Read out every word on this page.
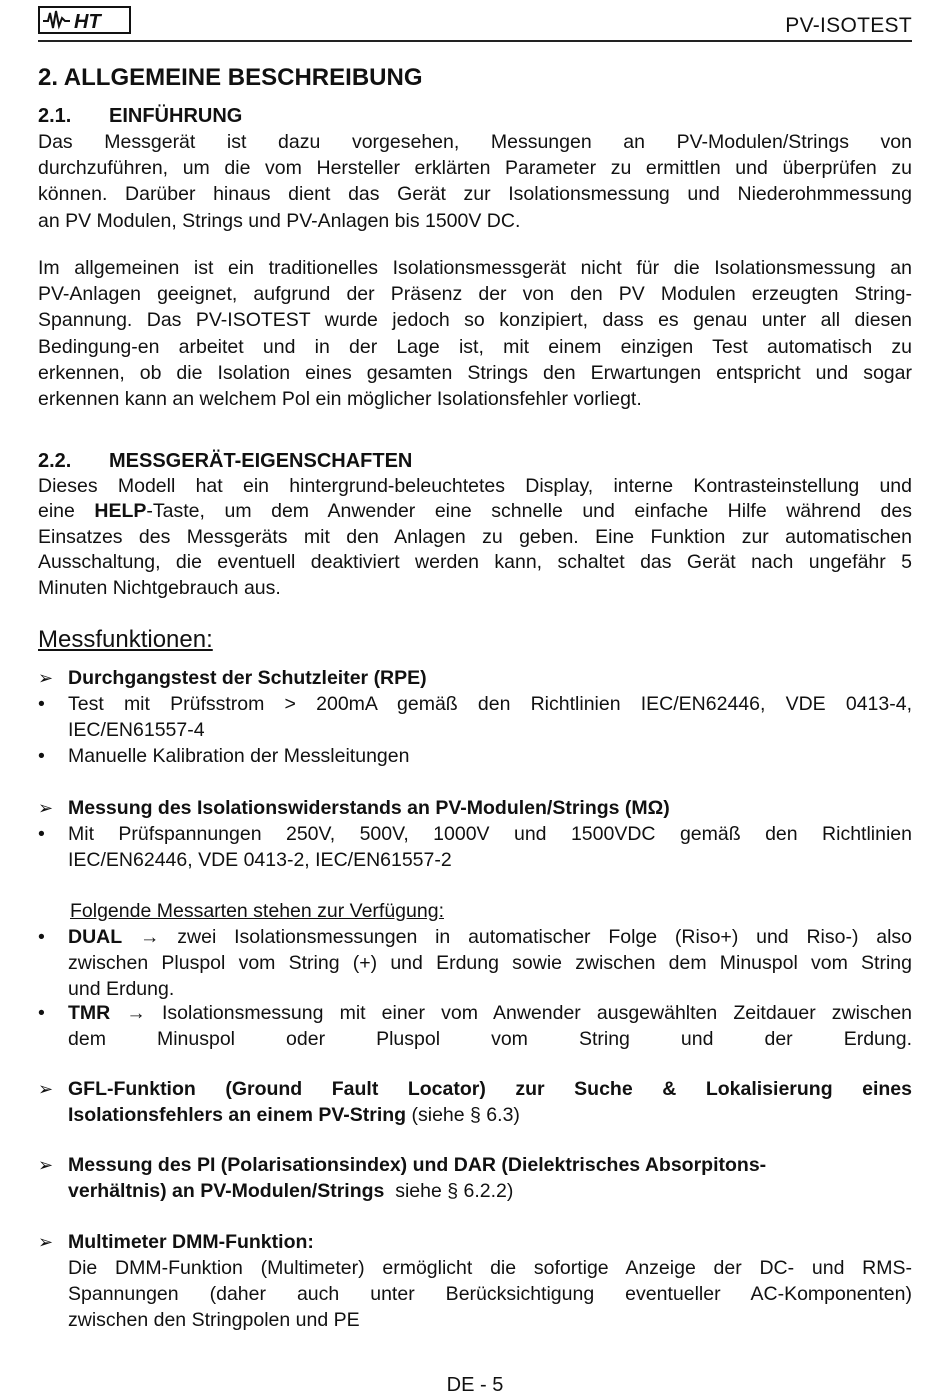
HT	PV-ISOTEST
2. ALLGEMEINE BESCHREIBUNG
2.1. EINFÜHRUNG
Das Messgerät ist dazu vorgesehen, Messungen an PV-Modulen/Strings von
durchzuführen, um die vom Hersteller erklärten Parameter zu ermittlen und überprüfen zu
können. Darüber hinaus dient das Gerät zur Isolationsmessung und Niederohmmessung
an PV Modulen, Strings und PV-Anlagen bis 1500V DC.
Im allgemeinen ist ein traditionelles Isolationsmessgerät nicht für die Isolationsmessung an
PV-Anlagen geeignet, aufgrund der Präsenz der von den PV Modulen erzeugten String-
Spannung. Das PV-ISOTEST wurde jedoch so konzipiert, dass es genau unter all diesen
Bedingung-en arbeitet und in der Lage ist, mit einem einzigen Test automatisch zu
erkennen, ob die Isolation eines gesamten Strings den Erwartungen entspricht und sogar
erkennen kann an welchem Pol ein möglicher Isolationsfehler vorliegt.
2.2. MESSGERÄT-EIGENSCHAFTEN
Dieses Modell hat ein hintergrund-beleuchtetes Display, interne Kontrasteinstellung und
eine HELP-Taste, um dem Anwender eine schnelle und einfache Hilfe während des
Einsatzes des Messgeräts mit den Anlagen zu geben. Eine Funktion zur automatischen
Ausschaltung, die eventuell deaktiviert werden kann, schaltet das Gerät nach ungefähr 5
Minuten Nichtgebrauch aus.
Messfunktionen:
➢ Durchgangstest der Schutzleiter (RPE)
•	Test mit Prüfsstrom > 200mA gemäß den Richtlinien IEC/EN62446, VDE 0413-4,
IEC/EN61557-4
•	Manuelle Kalibration der Messleitungen
➢ Messung des Isolationswiderstands an PV-Modulen/Strings (MΩ)
•	Mit Prüfspannungen 250V, 500V, 1000V und 1500VDC gemäß den Richtlinien
IEC/EN62446, VDE 0413-2, IEC/EN61557-2
Folgende Messarten stehen zur Verfügung:
•	DUAL → zwei Isolationsmessungen in automatischer Folge (Riso+) und Riso-) also
zwischen Pluspol vom String (+) und Erdung sowie zwischen dem Minuspol vom String
und Erdung.
•	TMR → Isolationsmessung mit einer vom Anwender ausgewählten Zeitdauer zwischen
dem Minuspol oder Pluspol vom String und der Erdung.
➢ GFL-Funktion (Ground Fault Locator) zur Suche & Lokalisierung eines
Isolationsfehlers an einem PV-String (siehe § 6.3)
➢ Messung des PI (Polarisationsindex) und DAR (Dielektrisches Absorpitons-
verhältnis) an PV-Modulen/Strings  siehe § 6.2.2)
➢ Multimeter DMM-Funktion:
Die DMM-Funktion (Multimeter) ermöglicht die sofortige Anzeige der DC- und RMS-
Spannungen (daher auch unter Berücksichtigung eventueller AC-Komponenten)
zwischen den Stringpolen und PE
DE - 5
